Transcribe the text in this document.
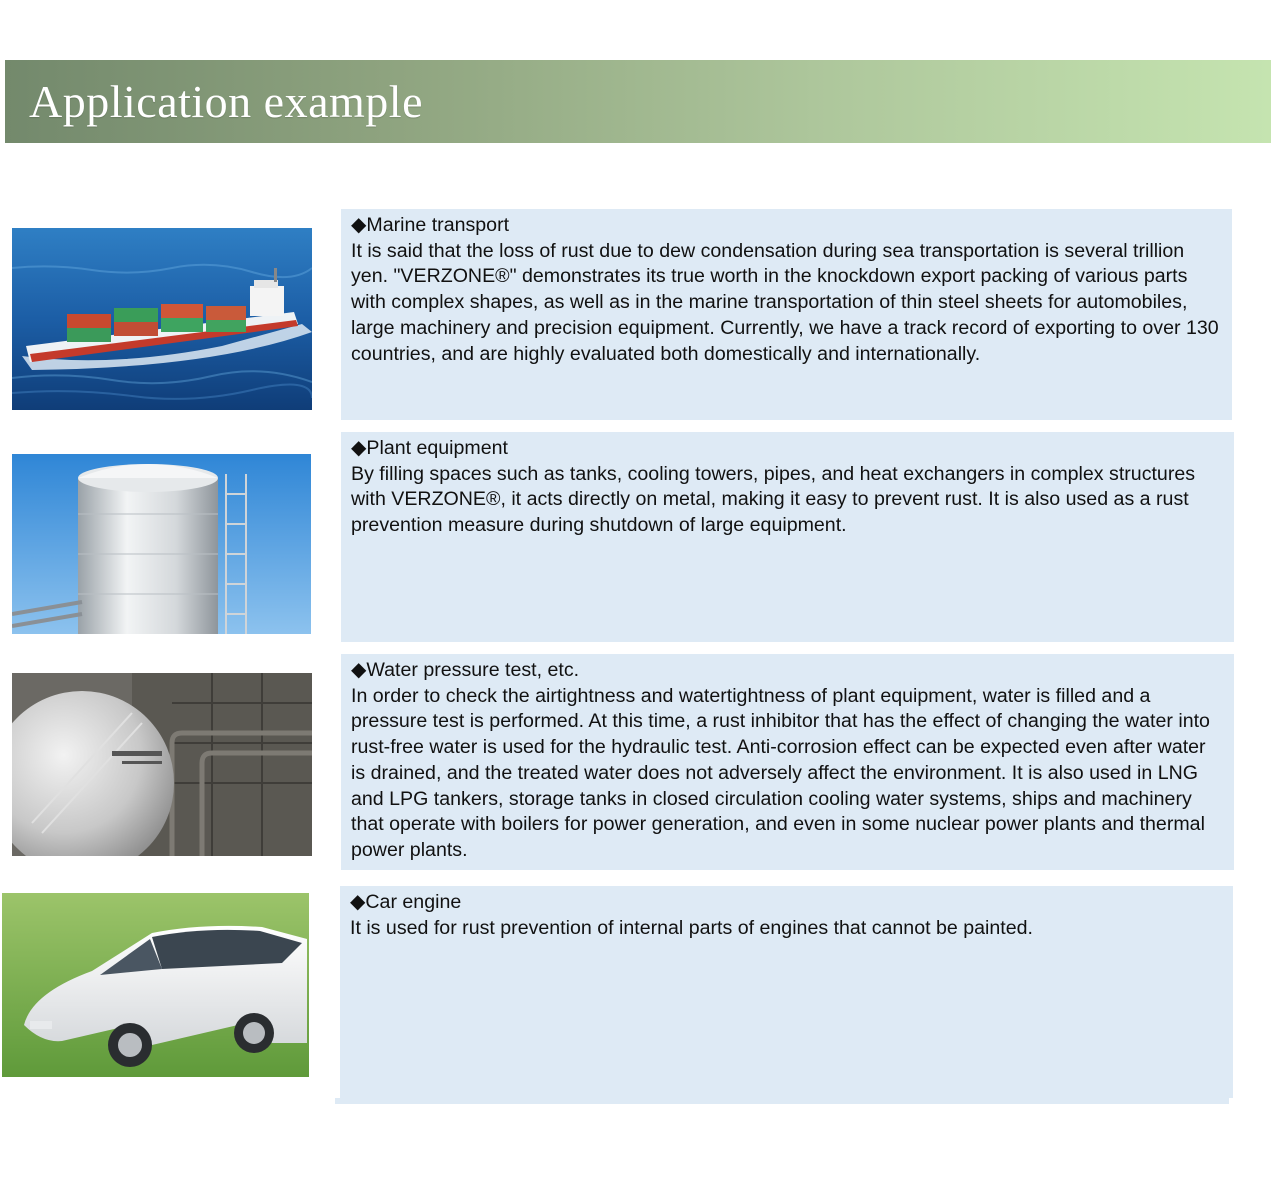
Application example
◆Marine transport
It is said that the loss of rust due to dew condensation during sea transportation is several trillion yen. "VERZONE®" demonstrates its true worth in the knockdown export packing of various parts with complex shapes, as well as in the marine transportation of thin steel sheets for automobiles, large machinery and precision equipment. Currently, we have a track record of exporting to over 130 countries, and are highly evaluated both domestically and internationally.
◆Plant equipment
By filling spaces such as tanks, cooling towers, pipes, and heat exchangers in complex structures with VERZONE®, it acts directly on metal, making it easy to prevent rust. It is also used as a rust prevention measure during shutdown of large equipment.
◆Water pressure test, etc.
In order to check the airtightness and watertightness of plant equipment, water is filled and a pressure test is performed. At this time, a rust inhibitor that has the effect of changing the water into rust-free water is used for the hydraulic test. Anti-corrosion effect can be expected even after water is drained, and the treated water does not adversely affect the environment. It is also used in LNG and LPG tankers, storage tanks in closed circulation cooling water systems, ships and machinery that operate with boilers for power generation, and even in some nuclear power plants and thermal power plants.
◆Car engine
It is used for rust prevention of internal parts of engines that cannot be painted.
